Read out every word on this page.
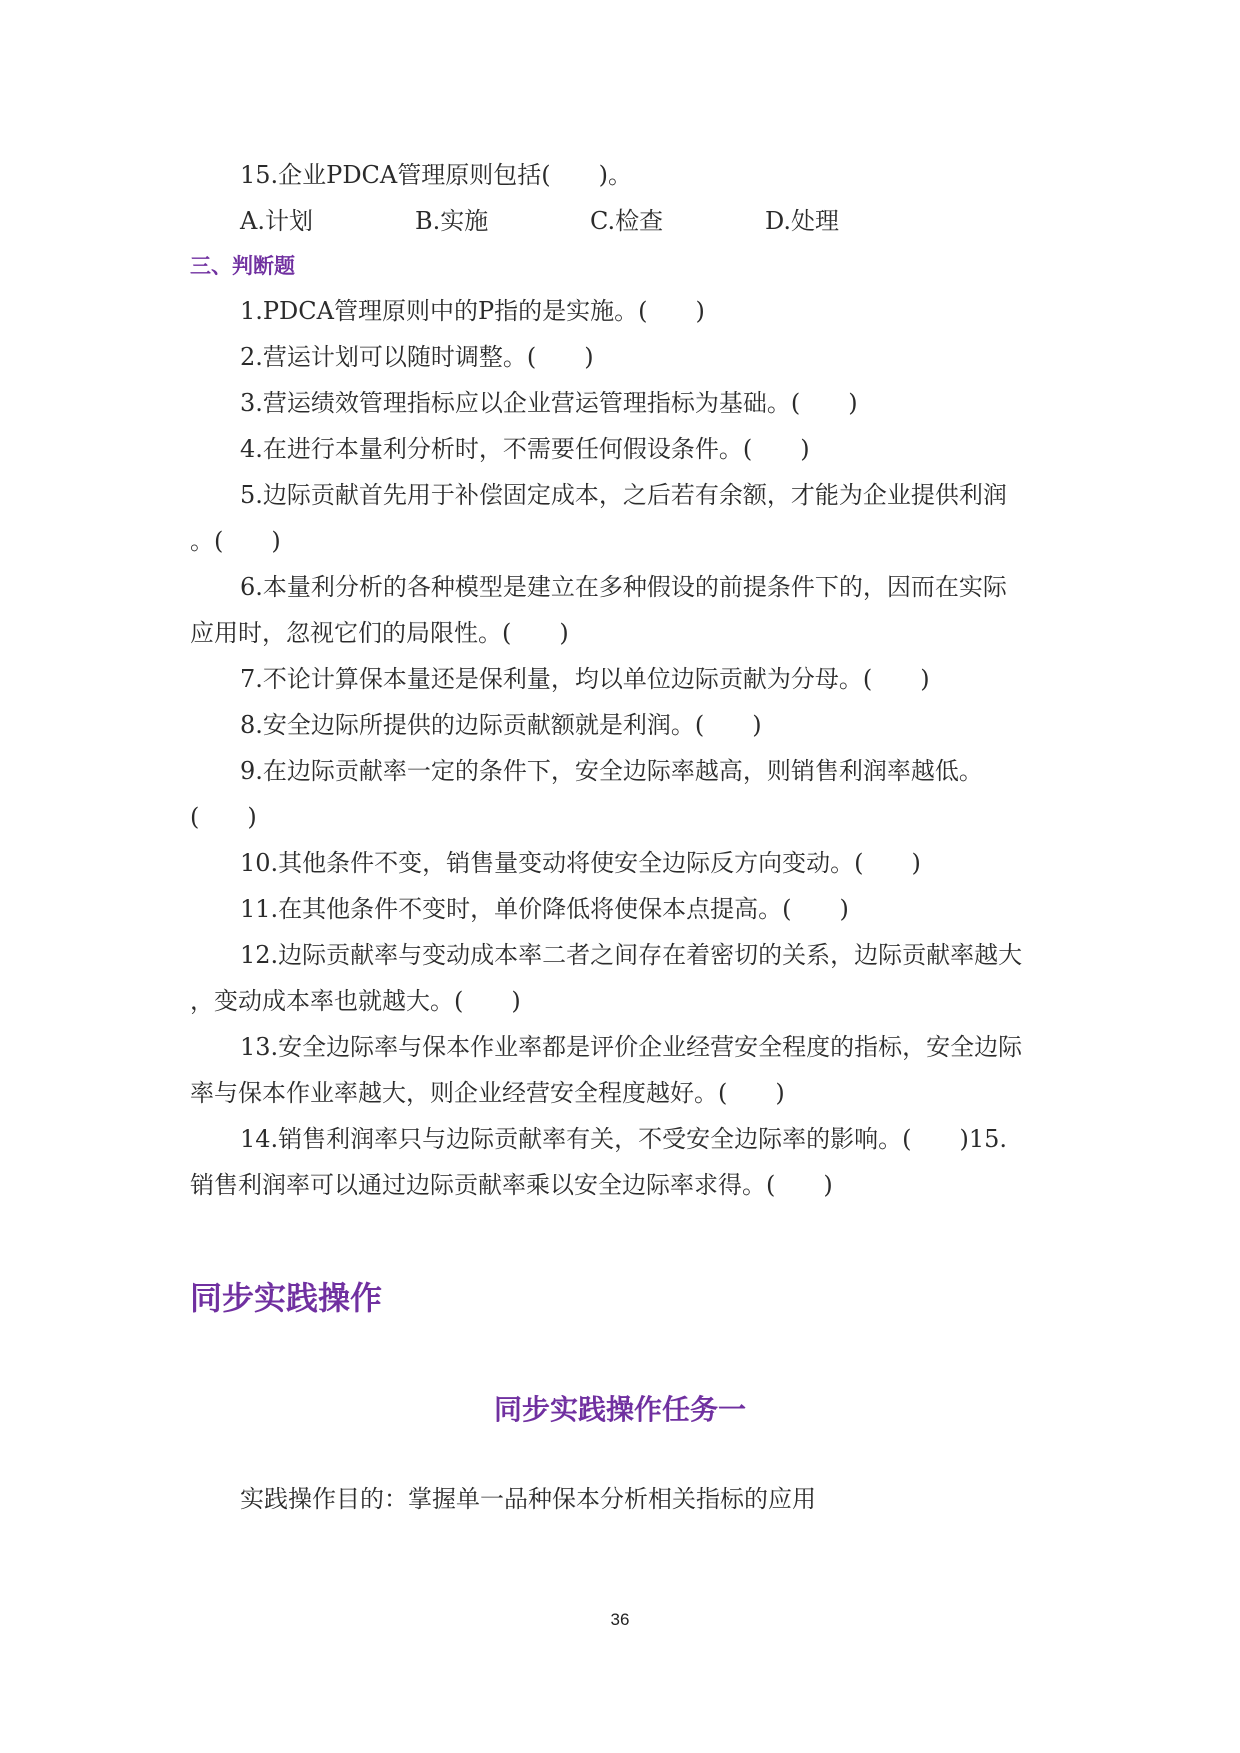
15.企业PDCA管理原则包括(　　)。
A.计划	B.实施	C.检查	D.处理
三、判断题
1.PDCA管理原则中的P指的是实施。(　　)
2.营运计划可以随时调整。(　　)
3.营运绩效管理指标应以企业营运管理指标为基础。(　　)
4.在进行本量利分析时，不需要任何假设条件。(　　)
5.边际贡献首先用于补偿固定成本，之后若有余额，才能为企业提供利润
。(　　)
6.本量利分析的各种模型是建立在多种假设的前提条件下的，因而在实际
应用时，忽视它们的局限性。(　　)
7.不论计算保本量还是保利量，均以单位边际贡献为分母。(　　)
8.安全边际所提供的边际贡献额就是利润。(　　)
9.在边际贡献率一定的条件下，安全边际率越高，则销售利润率越低。
(　　)
10.其他条件不变，销售量变动将使安全边际反方向变动。(　　)
11.在其他条件不变时，单价降低将使保本点提高。(　　)
12.边际贡献率与变动成本率二者之间存在着密切的关系，边际贡献率越大
，变动成本率也就越大。(　　)
13.安全边际率与保本作业率都是评价企业经营安全程度的指标，安全边际
率与保本作业率越大，则企业经营安全程度越好。(　　)
14.销售利润率只与边际贡献率有关，不受安全边际率的影响。(　　)15.
销售利润率可以通过边际贡献率乘以安全边际率求得。(　　)
同步实践操作
同步实践操作任务一
实践操作目的：掌握单一品种保本分析相关指标的应用
36
